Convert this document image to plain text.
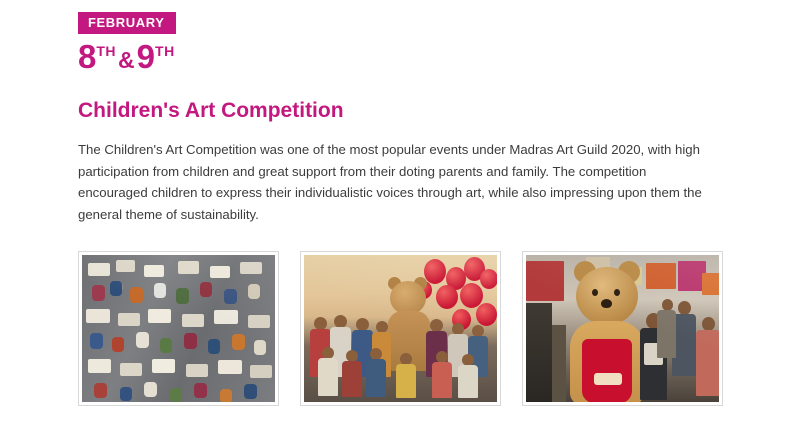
FEBRUARY
8TH&9TH
Children's Art Competition

The Children's Art Competition was one of the most popular events under Madras Art Guild 2020, with high participation from children and great support from their doting parents and family. The competition encouraged children to express their individualistic voices through art, while also impressing upon them the general theme of sustainability.
